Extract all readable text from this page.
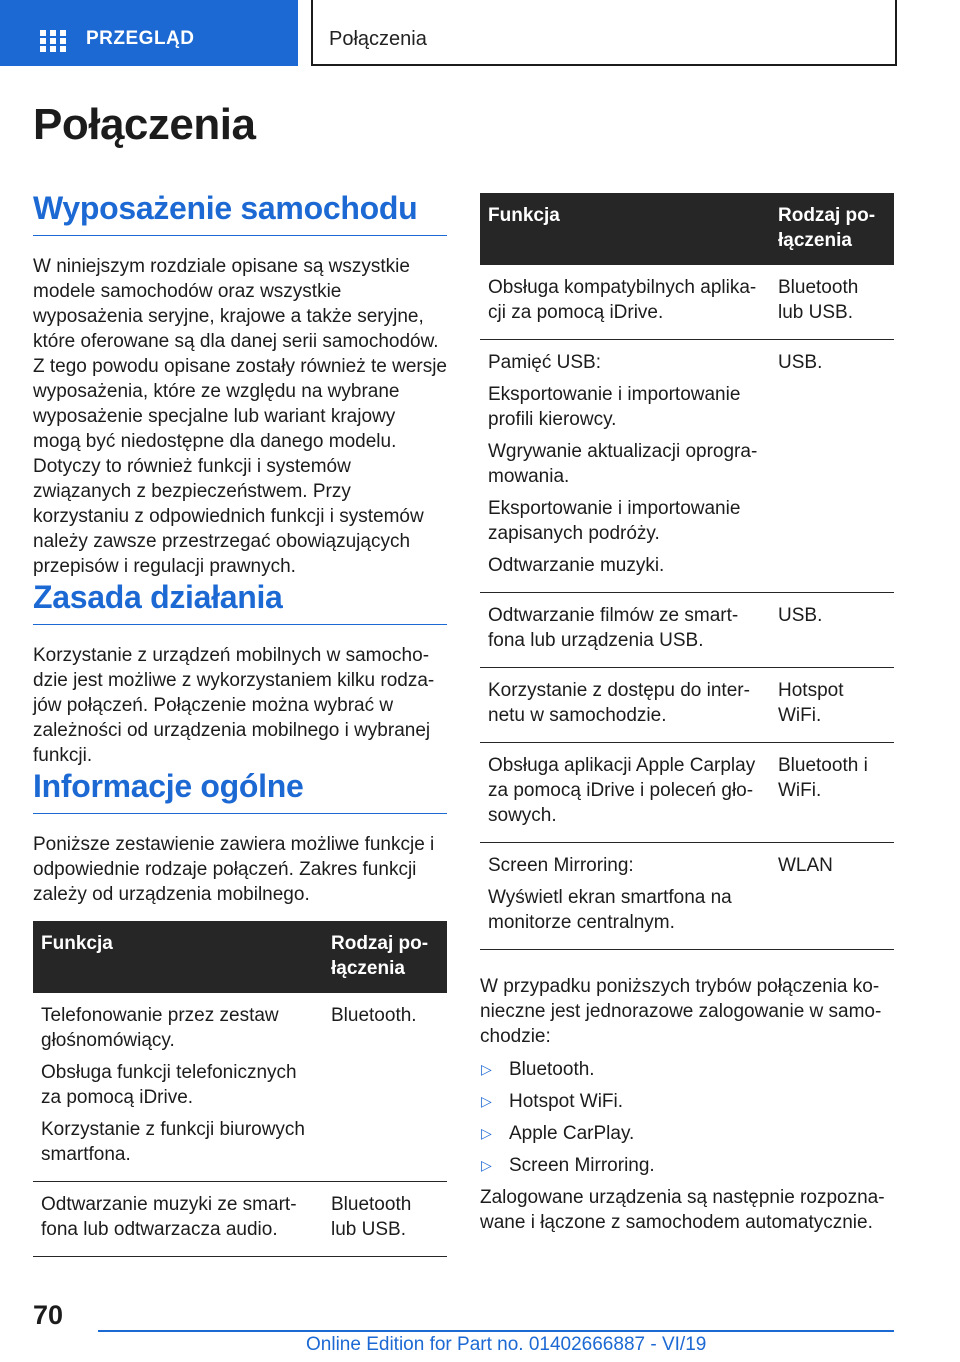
PRZEGLĄD	Połączenia
Połączenia
Wyposażenie samochodu

W niniejszym rozdziale opisane są wszystkie modele samochodów oraz wszystkie wyposażenia seryjne, krajowe a także seryjne, które oferowane są dla danej serii samochodów. Z tego powodu opisane zostały również te wersje wyposażenia, które ze względu na wybrane wyposażenie specjalne lub wariant krajowy mogą być niedostępne dla danego modelu. Dotyczy to również funkcji i systemów związanych z bezpieczeństwem. Przy korzystaniu z odpowiednich funkcji i systemów należy zawsze przestrzegać obowiązujących przepisów i regulacji prawnych.

Zasada działania

Korzystanie z urządzeń mobilnych w samochodzie jest możliwe z wykorzystaniem kilku rodzajów połączeń. Połączenie można wybrać w zależności od urządzenia mobilnego i wybranej funkcji.

Informacje ogólne

Poniższe zestawienie zawiera możliwe funkcje i odpowiednie rodzaje połączeń. Zakres funkcji zależy od urządzenia mobilnego.

Funkcja	Rodzaj połączenia

Telefonowanie przez zestaw głośnomówiący.
Obsługa funkcji telefonicznych za pomocą iDrive.
Korzystanie z funkcji biurowych smartfona.	Bluetooth.

Odtwarzanie muzyki ze smartfona lub odtwarzacza audio.	Bluetooth lub USB.
Funkcja	Rodzaj połączenia

Obsługa kompatybilnych aplikacji za pomocą iDrive.	Bluetooth lub USB.

Pamięć USB:
Eksportowanie i importowanie profili kierowcy.
Wgrywanie aktualizacji oprogramowania.
Eksportowanie i importowanie zapisanych podróży.
Odtwarzanie muzyki.	USB.

Odtwarzanie filmów ze smartfona lub urządzenia USB.	USB.

Korzystanie z dostępu do internetu w samochodzie.	Hotspot WiFi.

Obsługa aplikacji Apple Carplay za pomocą iDrive i poleceń głosowych.	Bluetooth i WiFi.

Screen Mirroring:
Wyświetl ekran smartfona na monitorze centralnym.	WLAN

W przypadku poniższych trybów połączenia konieczne jest jednorazowe zalogowanie w samochodzie:

▷ Bluetooth.
▷ Hotspot WiFi.
▷ Apple CarPlay.
▷ Screen Mirroring.

Zalogowane urządzenia są następnie rozpoznawane i łączone z samochodem automatycznie.

70
Online Edition for Part no. 01402666887 - VI/19
